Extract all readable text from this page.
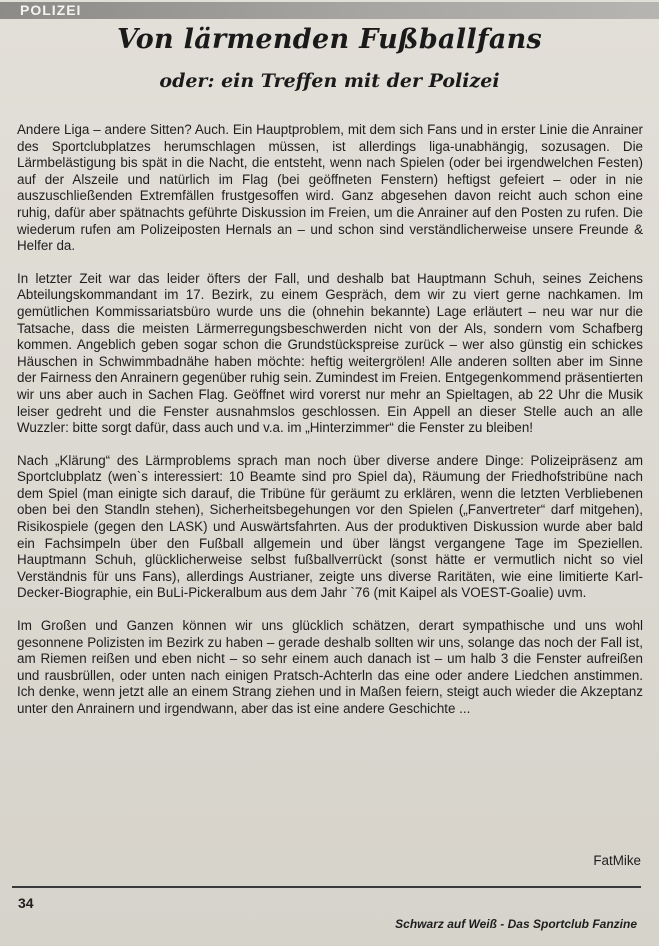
POLIZEI
Von lärmenden Fußballfans
oder: ein Treffen mit der Polizei

Andere Liga – andere Sitten? Auch. Ein Hauptproblem, mit dem sich Fans und in erster Linie die Anrainer des Sportclubplatzes herumschlagen müssen, ist allerdings liga-unabhängig, sozusagen. Die Lärmbelästigung bis spät in die Nacht, die entsteht, wenn nach Spielen (oder bei irgendwelchen Festen) auf der Alszeile und natürlich im Flag (bei geöffneten Fenstern) heftigst gefeiert – oder in nie auszuschließenden Extremfällen frustgesoffen wird. Ganz abgesehen davon reicht auch schon eine ruhig, dafür aber spätnachts geführte Diskussion im Freien, um die Anrainer auf den Posten zu rufen. Die wiederum rufen am Polizeiposten Hernals an – und schon sind verständlicherweise unsere Freunde & Helfer da.

In letzter Zeit war das leider öfters der Fall, und deshalb bat Hauptmann Schuh, seines Zeichens Abteilungskommandant im 17. Bezirk, zu einem Gespräch, dem wir zu viert gerne nachkamen. Im gemütlichen Kommissariatsbüro wurde uns die (ohnehin bekannte) Lage erläutert – neu war nur die Tatsache, dass die meisten Lärmerregungsbeschwerden nicht von der Als, sondern vom Schafberg kommen. Angeblich geben sogar schon die Grundstückspreise zurück – wer also günstig ein schickes Häuschen in Schwimmbadnähe haben möchte: heftig weitergrölen! Alle anderen sollten aber im Sinne der Fairness den Anrainern gegenüber ruhig sein. Zumindest im Freien. Entgegenkommend präsentierten wir uns aber auch in Sachen Flag. Geöffnet wird vorerst nur mehr an Spieltagen, ab 22 Uhr die Musik leiser gedreht und die Fenster ausnahmslos geschlossen. Ein Appell an dieser Stelle auch an alle Wuzzler: bitte sorgt dafür, dass auch und v.a. im „Hinterzimmer“ die Fenster zu bleiben!

Nach „Klärung“ des Lärmproblems sprach man noch über diverse andere Dinge: Polizeipräsenz am Sportclubplatz (wen`s interessiert: 10 Beamte sind pro Spiel da), Räumung der Friedhofstribüne nach dem Spiel (man einigte sich darauf, die Tribüne für geräumt zu erklären, wenn die letzten Verbliebenen oben bei den Standln stehen), Sicherheitsbegehungen vor den Spielen („Fanvertreter“ darf mitgehen), Risikospiele (gegen den LASK) und Auswärtsfahrten. Aus der produktiven Diskussion wurde aber bald ein Fachsimpeln über den Fußball allgemein und über längst vergangene Tage im Speziellen. Hauptmann Schuh, glücklicherweise selbst fußballverrückt (sonst hätte er vermutlich nicht so viel Verständnis für uns Fans), allerdings Austrianer, zeigte uns diverse Raritäten, wie eine limitierte Karl-Decker-Biographie, ein BuLi-Pickeralbum aus dem Jahr `76 (mit Kaipel als VOEST-Goalie) uvm.

Im Großen und Ganzen können wir uns glücklich schätzen, derart sympathische und uns wohl gesonnene Polizisten im Bezirk zu haben – gerade deshalb sollten wir uns, solange das noch der Fall ist, am Riemen reißen und eben nicht – so sehr einem auch danach ist – um halb 3 die Fenster aufreißen und rausbrüllen, oder unten nach einigen Pratsch-Achterln das eine oder andere Liedchen anstimmen. Ich denke, wenn jetzt alle an einem Strang ziehen und in Maßen feiern, steigt auch wieder die Akzeptanz unter den Anrainern und irgendwann, aber das ist eine andere Geschichte ...

FatMike
34
Schwarz auf Weiß - Das Sportclub Fanzine
